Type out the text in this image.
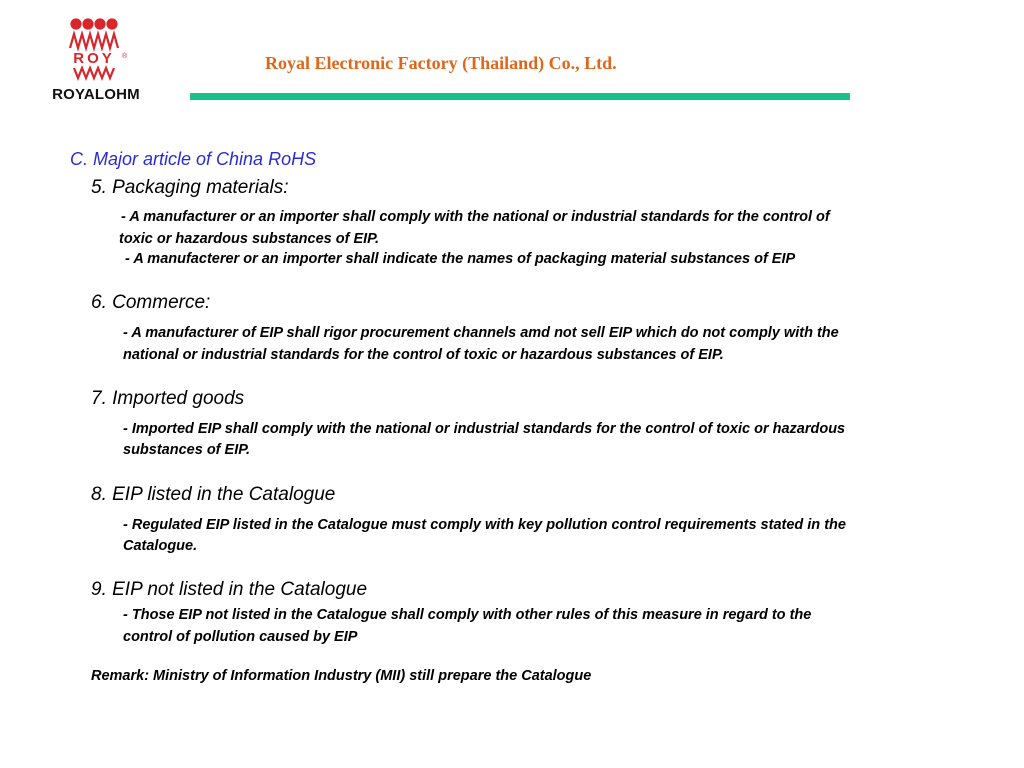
ROY ®
ROYALOHM
Royal Electronic Factory (Thailand) Co., Ltd.
C. Major article of China RoHS
5. Packaging materials:
- A manufacturer or an importer shall comply with the national or industrial standards for the control of
toxic or hazardous substances of EIP.
- A manufacterer or an importer shall indicate the names of packaging material substances of EIP
6. Commerce:
- A manufacturer of EIP shall rigor procurement channels amd not sell EIP which do not comply with the
national or industrial standards for the control of toxic or hazardous substances of EIP.
7. Imported goods
- Imported EIP shall comply with the national or industrial standards for the control of toxic or hazardous
substances of EIP.
8. EIP listed in the Catalogue
- Regulated EIP listed in the Catalogue must comply with key pollution control requirements stated in the
Catalogue.
9. EIP not listed in the Catalogue
- Those EIP not listed in the Catalogue shall comply with other rules of this measure in regard to the
control of pollution caused by EIP
Remark: Ministry of Information Industry (MII) still prepare the Catalogue
